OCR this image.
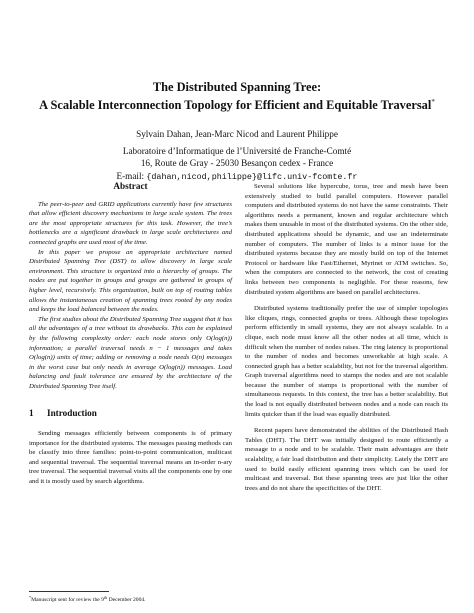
The Distributed Spanning Tree:
A Scalable Interconnection Topology for Efficient and Equitable Traversal*
Sylvain Dahan, Jean-Marc Nicod and Laurent Philippe
Laboratoire d’Informatique de l’Université de Franche-Comté
16, Route de Gray - 25030 Besançon cedex - France
E-mail: {dahan,nicod,philippe}@lifc.univ-fcomte.fr
Abstract

The peer-to-peer and GRID applications currently have few structures that allow efficient discovery mechanisms in large scale system. The trees are the most appropriate structures for this task. However, the tree’s bottlenecks are a significant drawback in large scale architectures and connected graphs are used most of the time.

In this paper we propose an appropriate architecture named Distributed Spanning Tree (DST) to allow discovery in large scale environment. This structure is organized into a hierarchy of groups. The nodes are put together in groups and groups are gathered in groups of higher level, recursively. This organization, built on top of routing tables allows the instantaneous creation of spanning trees rooted by any nodes and keeps the load balanced between the nodes.

The first studies about the Distributed Spanning Tree suggest that it has all the advantages of a tree without its drawbacks. This can be explained by the following complexity order: each node stores only O(log(n)) information; a parallel traversal needs n − 1 messages and takes O(log(n)) units of time; adding or removing a node needs O(n) messages in the worst case but only needs in average O(log(n)) messages. Load balancing and fault tolerance are ensured by the architecture of the Distributed Spanning Tree itself.

1 Introduction

Sending messages efficiently between components is of primary importance for the distributed systems. The messages passing methods can be classify into three families: point-to-point communication, multicast and sequential traversal. The sequential traversal means an in-order n-ary tree traversal. The sequential traversal visits all the components one by one and it is mostly used by search algorithms.

Several solutions like hypercube, torus, tree and mesh have been extensively studied to build parallel computers. However parallel computers and distributed systems do not have the same constraints. Their algorithms needs a permanent, known and regular architecture which makes them unusable in most of the distributed systems. On the other side, distributed applications should be dynamic, and use an indeterminate number of computers. The number of links is a minor issue for the distributed systems because they are mostly build on top of the Internet Protocol or hardware like Fast/Ethernet, Myrinet or ATM switches. So, when the computers are connected to the network, the cost of creating links between two components is negligible. For these reasons, few distributed system algorithms are based on parallel architectures.

Distributed systems traditionally prefer the use of simpler topologies like cliques, rings, connected graphs or trees. Although these topologies perform efficiently in small systems, they are not always scalable. In a clique, each node must know all the other nodes at all time, which is difficult when the number of nodes raises. The ring latency is proportional to the number of nodes and becomes unworkable at high scale. A connected graph has a better scalability, but not for the traversal algorithm. Graph traversal algorithms need to stamps the nodes and are not scalable because the number of stamps is proportional with the number of simultaneous requests. In this context, the tree has a better scalability. But the load is not equally distributed between nodes and a node can reach its limits quicker than if the load was equally distributed.

Recent papers have demonstrated the abilities of the Distributed Hash Tables (DHT). The DHT was initially designed to route efficiently a message to a node and to be scalable. Their main advantages are their scalability, a fair load distribution and their simplicity. Lately the DHT are used to build easily efficient spanning trees which can be used for multicast and traversal. But these spanning trees are just like the other trees and do not share the specificities of the DHT.

*Manuscript sent for review the 9th December 2004.
